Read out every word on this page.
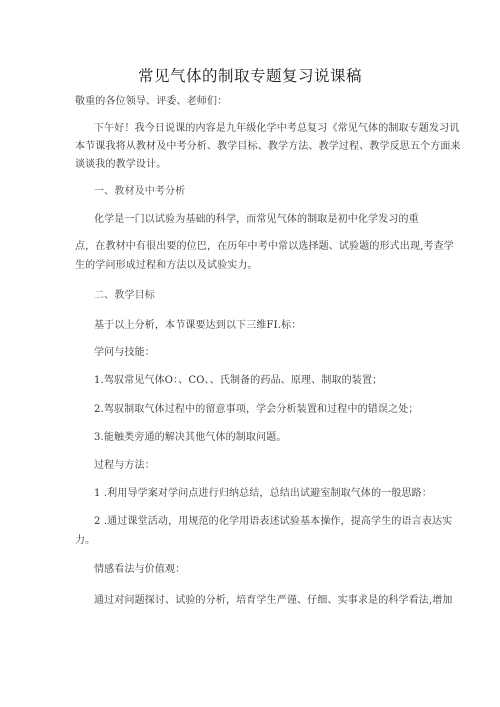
常见气体的制取专题复习说课稿
敬重的各位领导、评委、老师们：
下午好！我今日说课的内容是九年级化学中考总复习《常见气体的制取专题发习讥
本节课我将从教材及中考分析、教学目标、教学方法、教学过程、教学反思五个方面来
谈谈我的教学设计。
一、教材及中考分析
化学是一门以试验为基础的科学，而常见气体的制取是初中化学发习的重
点，在教材中有很出要的位巴，在历年中考中常以选择题、试验题的形式出现,考查学
生的学问形成过程和方法以及试验实力。
二、教学目标
基于以上分析，本节课要达到以下三维FI.标：
学问与技能：
1.驾驭常见气体O：、CO、、氏制备的药品、原理、制取的装置；
2.驾驭制取气体过程中的留意事项，学会分析装置和过程中的错误之处；
3.能触类旁通的解决其他气体的制取问题。
过程与方法：
1 .利用导学案对学问点进行归纳总结，总结出试避室制取气体的一般思路：
2 .通过课堂活动，用规范的化学用语表述试验基本操作，提高学生的语言表达实
力。
情感看法与价值观：
通过对问题探讨、试验的分析，培育学生严谨、仔细、实事求是的科学看法,增加
